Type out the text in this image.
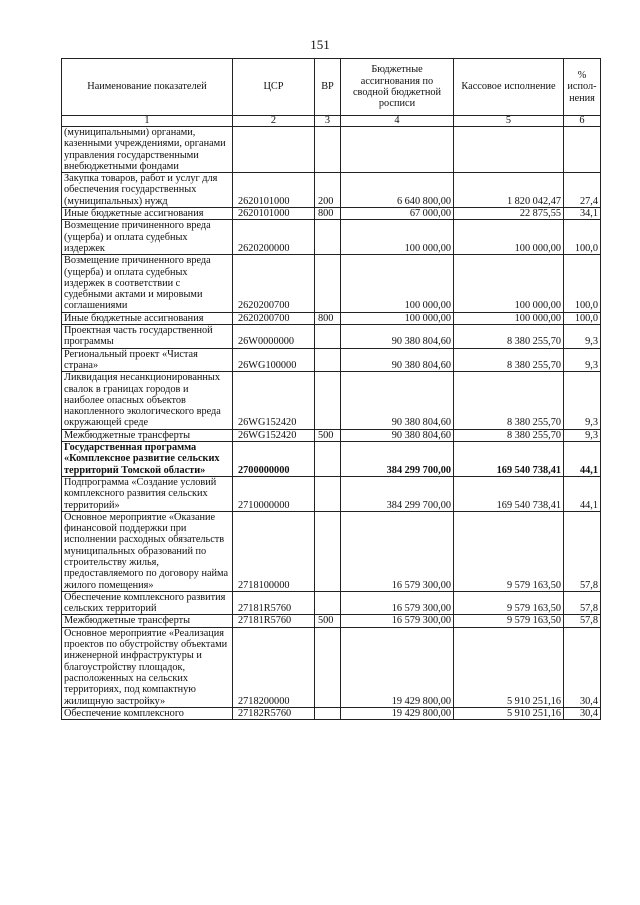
151
Наименование показателей	ЦСР	ВР	Бюджетные ассигнования по сводной бюджетной росписи	Кассовое исполнение	% испол-нения
1	2	3	4	5	6
(муниципальными) органами, казенными учреждениями, органами управления государственными внебюджетными фондами					
Закупка товаров, работ и услуг для обеспечения государственных (муниципальных) нужд	2620101000	200	6 640 800,00	1 820 042,47	27,4
Иные бюджетные ассигнования	2620101000	800	67 000,00	22 875,55	34,1
Возмещение причиненного вреда (ущерба) и оплата судебных издержек	2620200000		100 000,00	100 000,00	100,0
Возмещение причиненного вреда (ущерба) и оплата судебных издержек в соответствии с судебными актами и мировыми соглашениями	2620200700		100 000,00	100 000,00	100,0
Иные бюджетные ассигнования	2620200700	800	100 000,00	100 000,00	100,0
Проектная часть государственной программы	26W0000000		90 380 804,60	8 380 255,70	9,3
Региональный проект «Чистая страна»	26WG100000		90 380 804,60	8 380 255,70	9,3
Ликвидация несанкционированных свалок в границах городов и наиболее опасных объектов накопленного экологического вреда окружающей среде	26WG152420		90 380 804,60	8 380 255,70	9,3
Межбюджетные трансферты	26WG152420	500	90 380 804,60	8 380 255,70	9,3
Государственная программа «Комплексное развитие сельских территорий Томской области»	2700000000		384 299 700,00	169 540 738,41	44,1
Подпрограмма «Создание условий комплексного развития сельских территорий»	2710000000		384 299 700,00	169 540 738,41	44,1
Основное мероприятие «Оказание финансовой поддержки при исполнении расходных обязательств муниципальных образований по строительству жилья, предоставляемого по договору найма жилого помещения»	2718100000		16 579 300,00	9 579 163,50	57,8
Обеспечение комплексного развития сельских территорий	27181R5760		16 579 300,00	9 579 163,50	57,8
Межбюджетные трансферты	27181R5760	500	16 579 300,00	9 579 163,50	57,8
Основное мероприятие «Реализация проектов по обустройству объектами инженерной инфраструктуры и благоустройству площадок, расположенных на сельских территориях, под компактную жилищную застройку»	2718200000		19 429 800,00	5 910 251,16	30,4
Обеспечение комплексного	27182R5760		19 429 800,00	5 910 251,16	30,4
